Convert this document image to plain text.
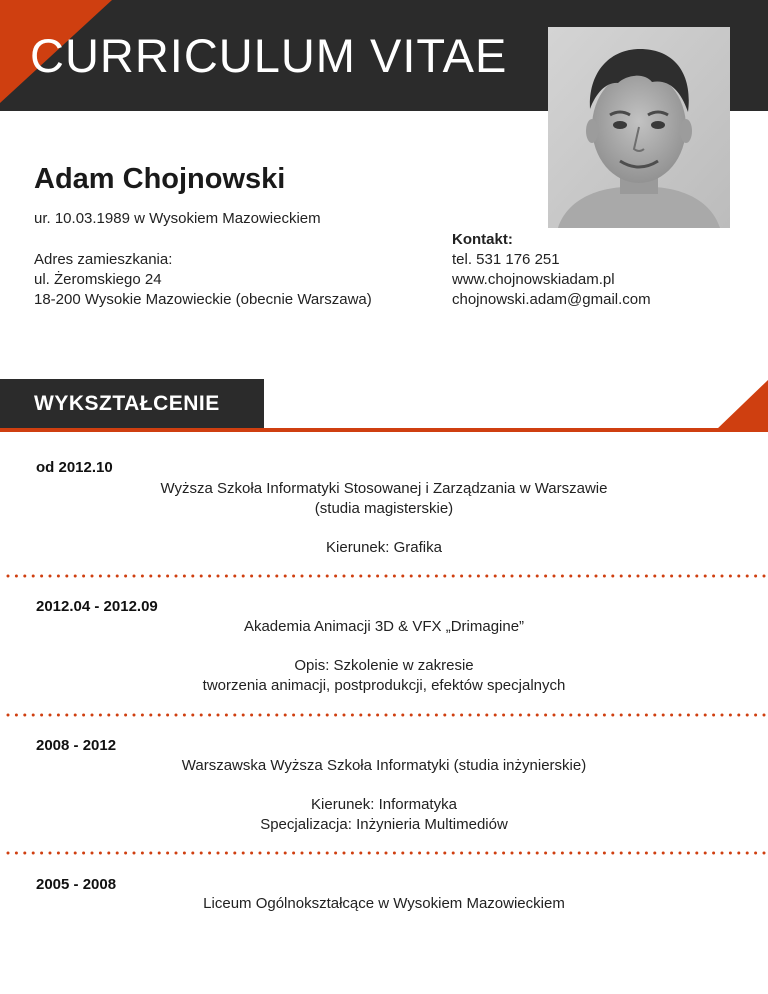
CURRICULUM VITAE
Adam Chojnowski
ur. 10.03.1989 w Wysokiem Mazowieckiem
Adres zamieszkania:
ul. Żeromskiego 24
18-200 Wysokie Mazowieckie (obecnie Warszawa)
Kontakt:
tel. 531 176 251
www.chojnowskiadam.pl
chojnowski.adam@gmail.com
WYKSZTAŁCENIE
od 2012.10
Wyższa Szkoła Informatyki Stosowanej i Zarządzania w Warszawie
(studia magisterskie)
Kierunek: Grafika
2012.04 - 2012.09
Akademia Animacji 3D & VFX „Drimagine”
Opis: Szkolenie w zakresie
tworzenia animacji, postprodukcji, efektów specjalnych
2008 - 2012
Warszawska Wyższa Szkoła Informatyki (studia inżynierskie)
Kierunek: Informatyka
Specjalizacja: Inżynieria Multimediów
2005 - 2008
Liceum Ogólnokształcące w Wysokiem Mazowieckiem
